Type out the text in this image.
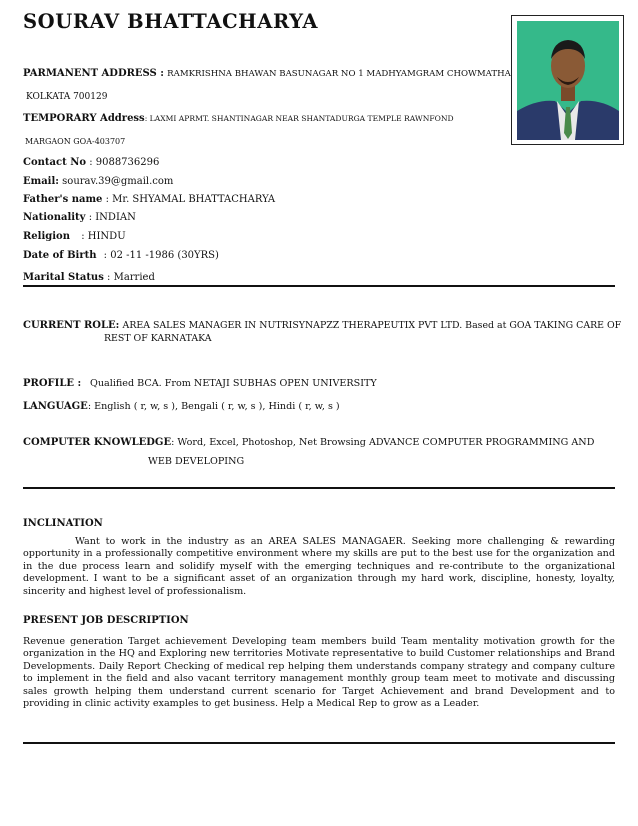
SOURAV BHATTACHARYA
PARMANENT ADDRESS : RAMKRISHNA BHAWAN BASUNAGAR NO 1 MADHYAMGRAM CHOWMATHA
KOLKATA 700129
TEMPORARY Address: LAXMI APRMT. SHANTINAGAR NEAR SHANTADURGA TEMPLE RAWNFOND
MARGAON GOA-403707
Contact No : 9088736296
Email: sourav.39@gmail.com
Father's name : Mr. SHYAMAL BHATTACHARYA
Nationality : INDIAN
Religion : HINDU
Date of Birth : 02 -11 -1986 (30YRS)
Marital Status : Married
CURRENT ROLE: AREA SALES MANAGER IN NUTRISYNAPZZ THERAPEUTIX PVT LTD. Based at GOA TAKING CARE OF
REST OF KARNATAKA
PROFILE : Qualified BCA. From NETAJI SUBHAS OPEN UNIVERSITY
LANGUAGE: English ( r, w, s ), Bengali ( r, w, s ), Hindi ( r, w, s )
COMPUTER KNOWLEDGE: Word, Excel, Photoshop, Net Browsing ADVANCE COMPUTER PROGRAMMING AND
WEB DEVELOPING
INCLINATION
Want to work in the industry as an AREA SALES MANAGAER. Seeking more challenging & rewarding opportunity in a professionally competitive environment where my skills are put to the best use for the organization and in the due process learn and solidify myself with the emerging techniques and re-contribute to the organizational development. I want to be a significant asset of an organization through my hard work, discipline, honesty, loyalty, sincerity and highest level of professionalism.
PRESENT JOB DESCRIPTION
Revenue generation Target achievement Developing team members build Team mentality motivation growth for the organization in the HQ and Exploring new territories Motivate representative to build Customer relationships and Brand Developments. Daily Report Checking of medical rep helping them understands company strategy and company culture to implement in the field and also vacant territory management monthly group team meet to motivate and discussing sales growth helping them understand current scenario for Target Achievement and brand Development and to providing in clinic activity examples to get business. Help a Medical Rep to grow as a Leader.
